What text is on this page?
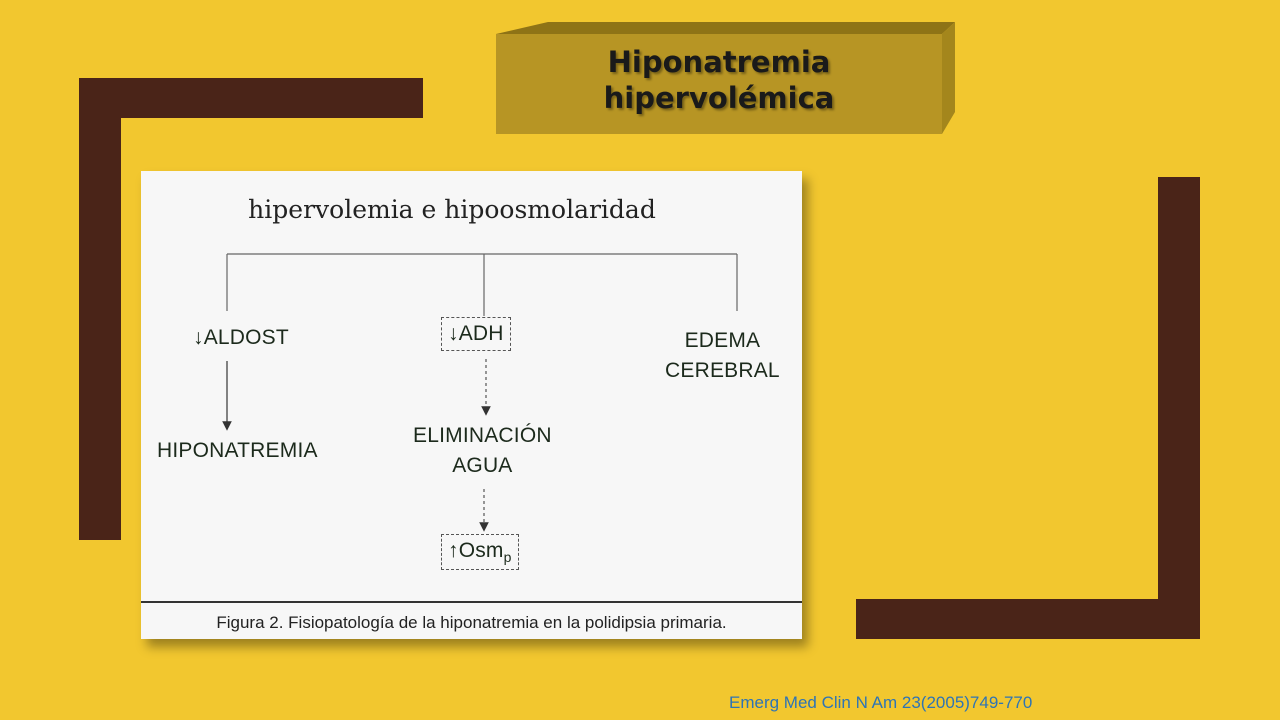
Hiponatremia
hipervolémica
hipervolemia e hipoosmolaridad
↓ALDOST	↓ADH	EDEMA
CEREBRAL
HIPONATREMIA
ELIMINACIÓN
AGUA
↑Osm$_p$
Figura 2. Fisiopatología de la hiponatremia en la polidipsia primaria.
Emerg Med Clin N Am 23(2005)749-770
